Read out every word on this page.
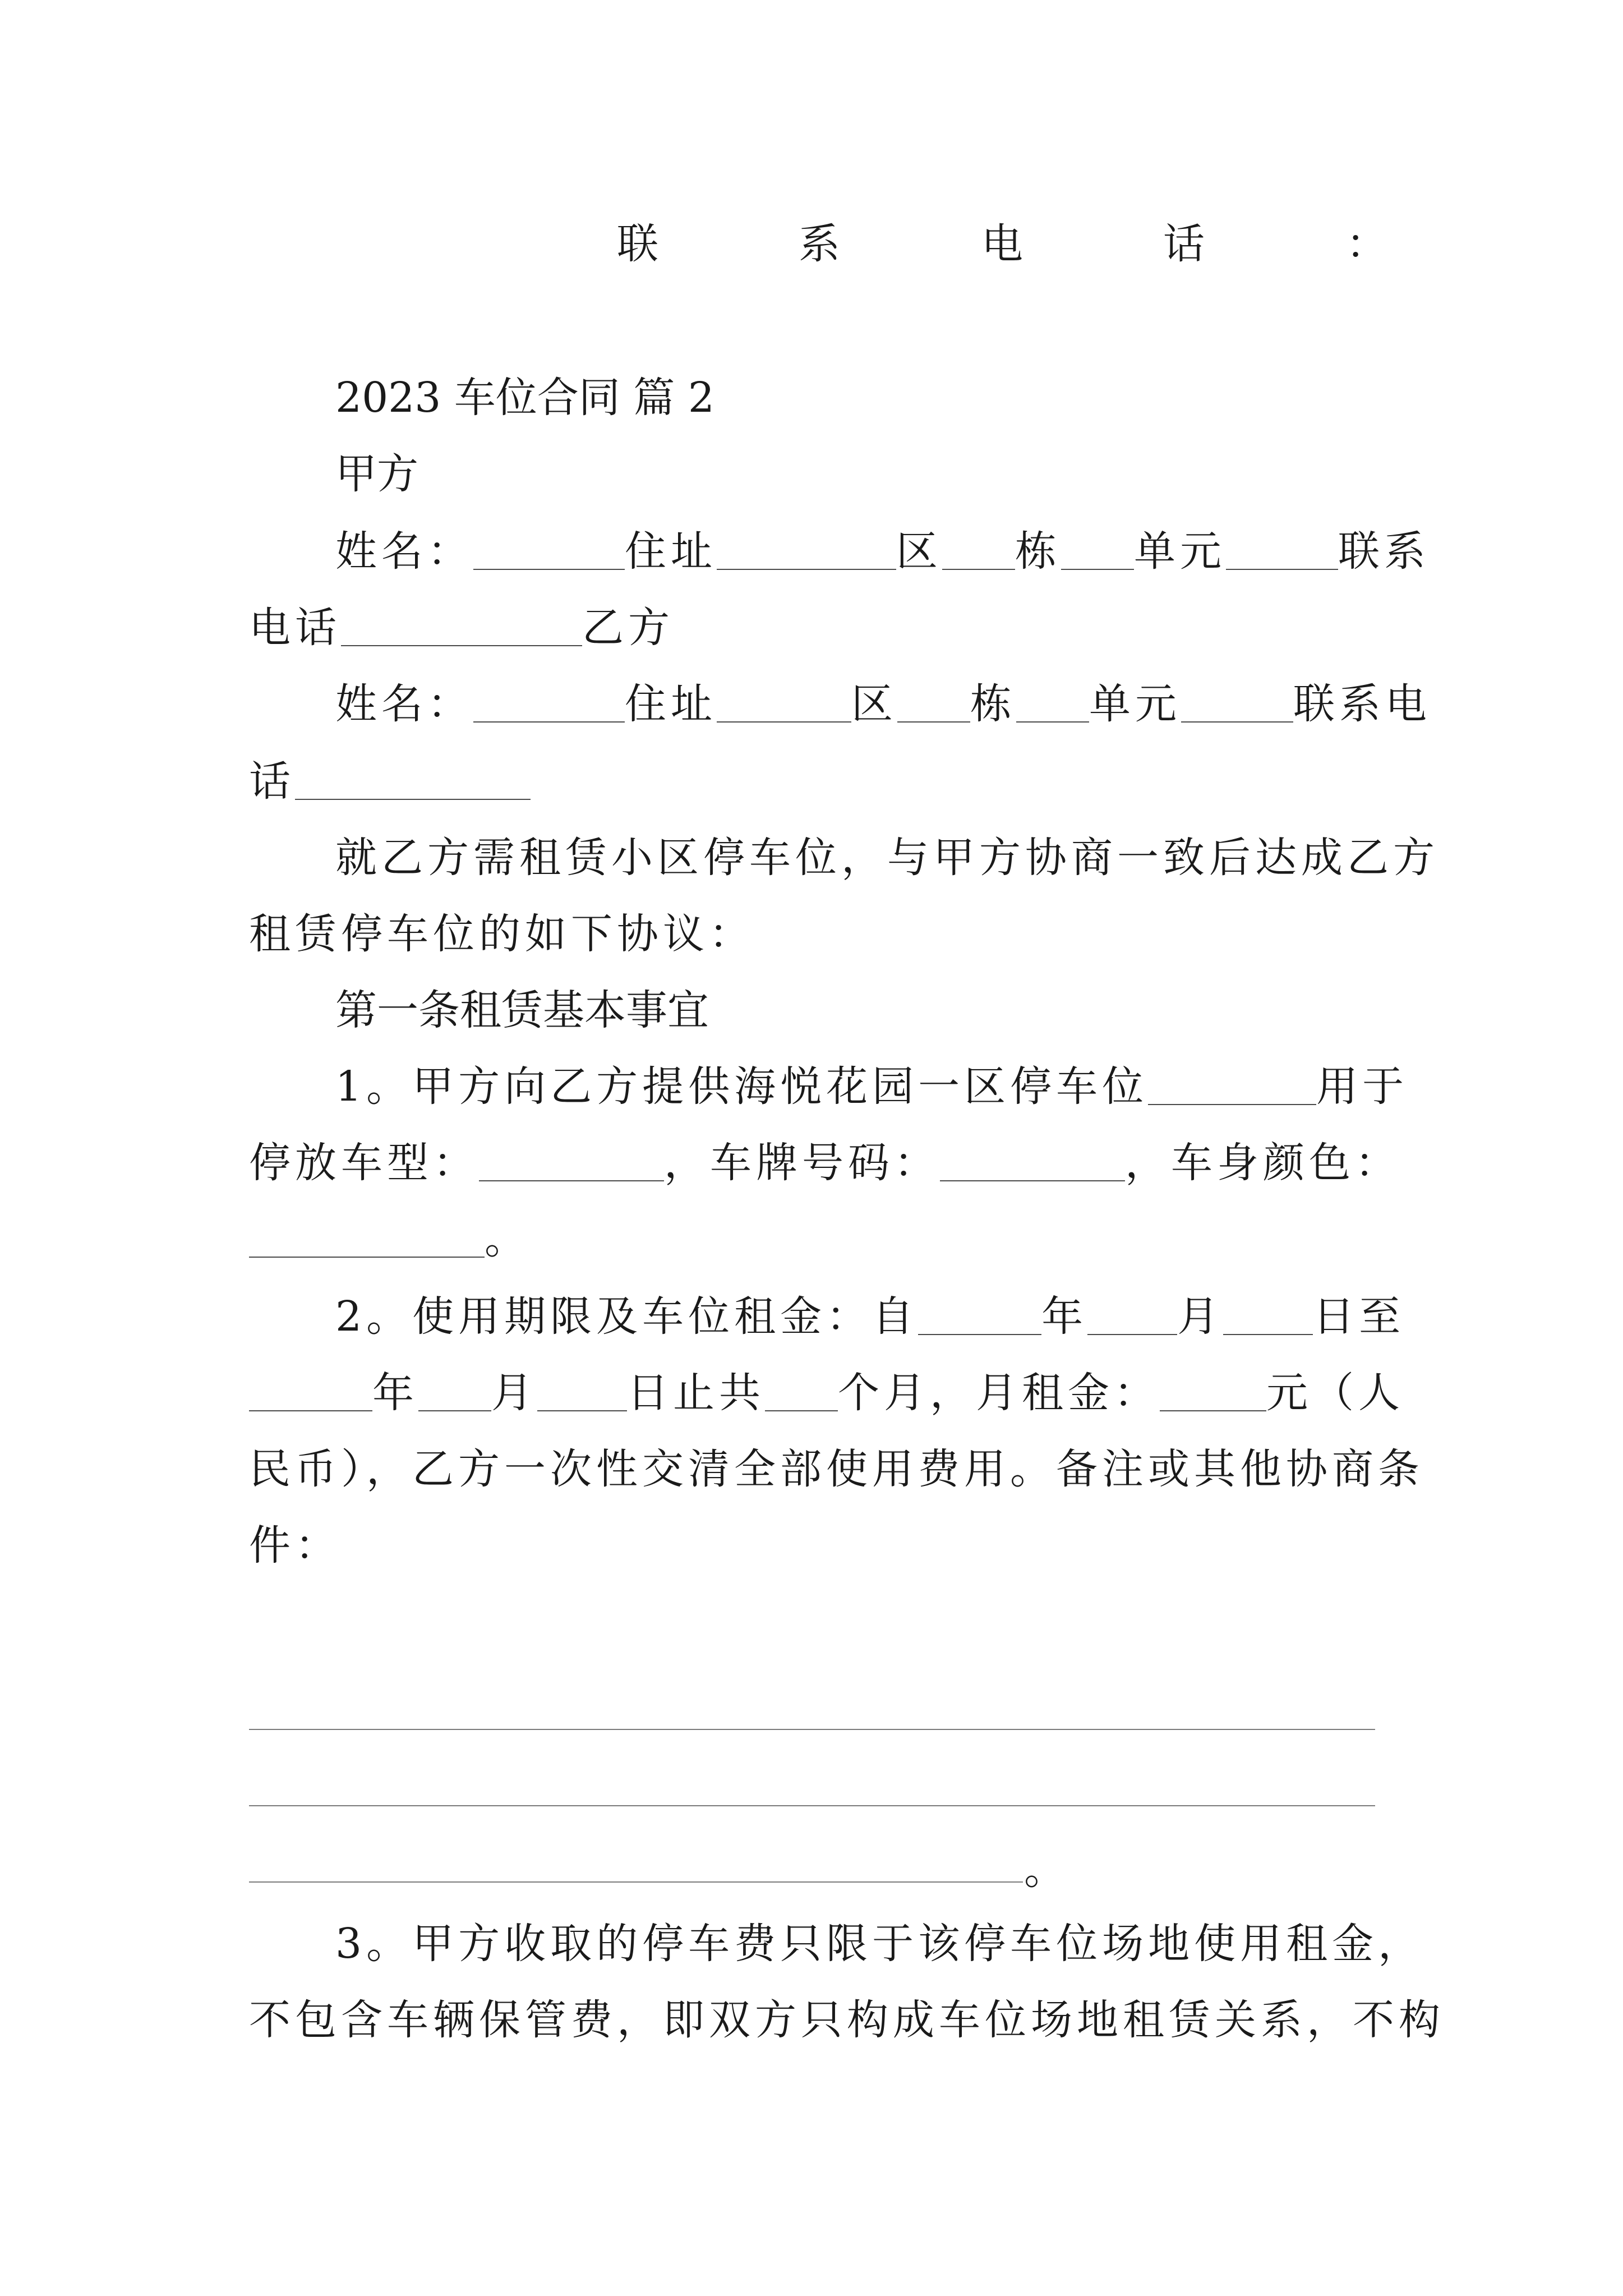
联	系	电	话	：
2023 车位合同 篇 2
甲方
姓名：	住址	区 栋 单元	联系
电话	乙方
姓名：	住址	区 栋 单元	联系电
话
就乙方需租赁小区停车位，与甲方协商一致后达成乙方
租赁停车位的如下协议：
第一条租赁基本事宜
1。甲方向乙方提供海悦花园一区停车位	用于
停放车型：	，车牌号码：	，车身颜色：
。
2。使用期限及车位租金：自	年 月 日至
年 月 日止共 个月，月租金：	元（人
民币），乙方一次性交清全部使用费用。备注或其他协商条
件：
。
3。甲方收取的停车费只限于该停车位场地使用租金，
不包含车辆保管费，即双方只构成车位场地租赁关系，不构
